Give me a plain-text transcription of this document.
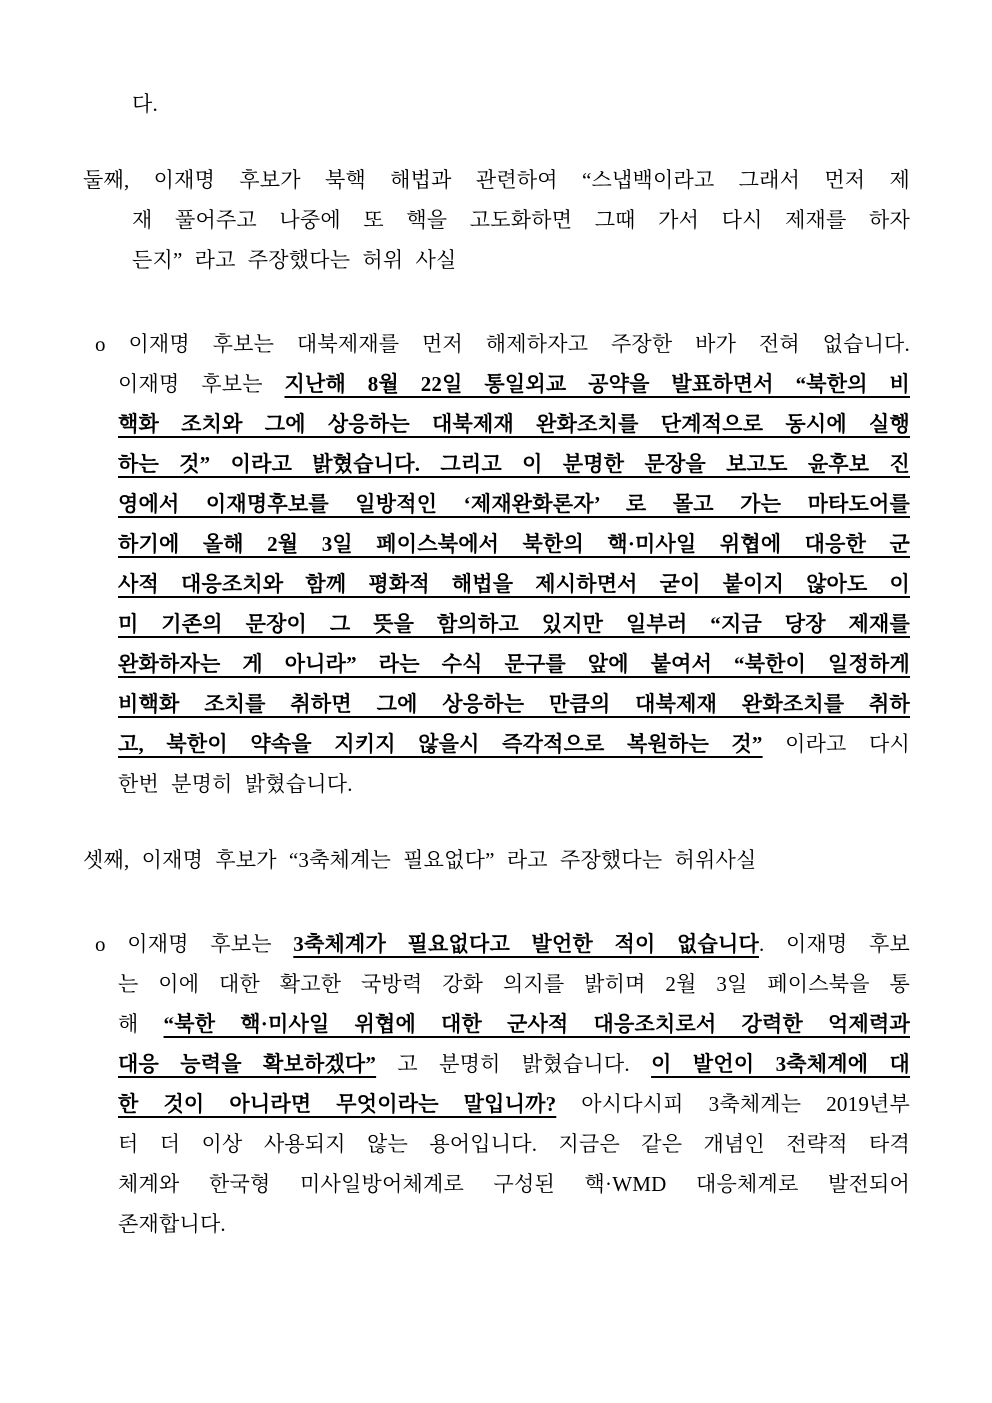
다.
둘째, 이재명 후보가 북핵 해법과 관련하여 “스냅백이라고 그래서 먼저 제
재 풀어주고 나중에 또 핵을 고도화하면 그때 가서 다시 제재를 하자
든지” 라고 주장했다는 허위 사실
o 이재명 후보는 대북제재를 먼저 해제하자고 주장한 바가 전혀 없습니다.
이재명 후보는 지난해 8월 22일 통일외교 공약을 발표하면서 “북한의 비
핵화 조치와 그에 상응하는 대북제재 완화조치를 단계적으로 동시에 실행
하는 것” 이라고 밝혔습니다. 그리고 이 분명한 문장을 보고도 윤후보 진
영에서 이재명후보를 일방적인 ‘제재완화론자’ 로 몰고 가는 마타도어를
하기에 올해 2월 3일 페이스북에서 북한의 핵·미사일 위협에 대응한 군
사적 대응조치와 함께 평화적 해법을 제시하면서 굳이 붙이지 않아도 이
미 기존의 문장이 그 뜻을 함의하고 있지만 일부러 “지금 당장 제재를
완화하자는 게 아니라” 라는 수식 문구를 앞에 붙여서 “북한이 일정하게
비핵화 조치를 취하면 그에 상응하는 만큼의 대북제재 완화조치를 취하
고, 북한이 약속을 지키지 않을시 즉각적으로 복원하는 것” 이라고 다시
한번 분명히 밝혔습니다.
셋째, 이재명 후보가 “3축체계는 필요없다” 라고 주장했다는 허위사실
o 이재명 후보는 3축체계가 필요없다고 발언한 적이 없습니다. 이재명 후보
는 이에 대한 확고한 국방력 강화 의지를 밝히며 2월 3일 페이스북을 통
해 “북한 핵·미사일 위협에 대한 군사적 대응조치로서 강력한 억제력과
대응 능력을 확보하겠다” 고 분명히 밝혔습니다. 이 발언이 3축체계에 대
한 것이 아니라면 무엇이라는 말입니까? 아시다시피 3축체계는 2019년부
터 더 이상 사용되지 않는 용어입니다. 지금은 같은 개념인 전략적 타격
체계와 한국형 미사일방어체계로 구성된 핵·WMD 대응체계로 발전되어
존재합니다.
